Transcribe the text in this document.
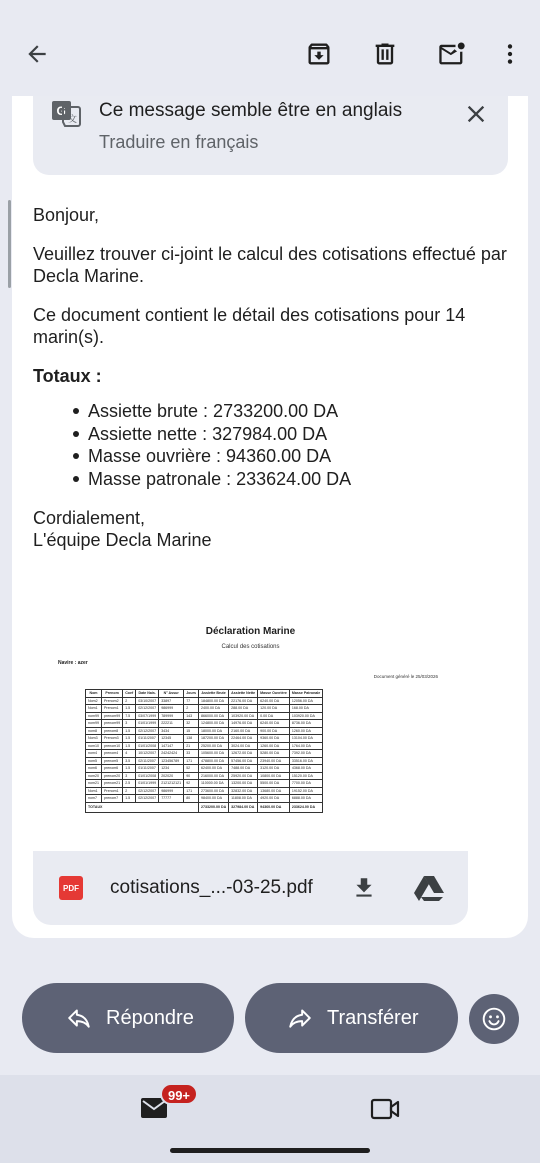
G
文 Ce message semble être en anglais
Traduire en français
Déclaration Marine
Calcul des cotisations
Navire : azer
Document généré le 25/03/2026
Nom	Prenom	Coef	Date Nais.	N° Assur	Jours	Assiette Brute	Assiette Nette	Masse Ouvrière	Masse Patronale
Nom2	Prenom2	2	03/10/2007	33897	77	184800.00 DA	22176.00 DA	6240.00 DA	12056.00 DA
Nom1	Prenom1	1.5	02/12/2007	986999	2	2400.00 DA	288.00 DA	120.00 DA	168.00 DA
nom99	prenom99	7.5	03/07/1999	789999	143	866000.00 DA	103920.00 DA	0.00 DA	103920.00 DA
nom99	prenom99	3	01/01/1999	222211	32	124800.00 DA	14976.00 DA	6240.00 DA	8736.00 DA
nom8	prenom8	1.5	02/12/2007	3434	15	18000.00 DA	2160.00 DA	900.00 DA	1260.00 DA
Nom3	Prenom3	1.5	01/11/2007	12345	138	187200.00 DA	22464.00 DA	9360.00 DA	13104.00 DA
nom10	prenom10	1.5	01/01/2008	147147	21	25200.00 DA	3024.00 DA	1260.00 DA	1764.00 DA
nom4	prenom4	4	10/12/2007	24242424	33	105600.00 DA	12672.00 DA	5280.00 DA	7392.00 DA
nom5	prenom5	3.5	02/11/2007	123456789	171	478800.00 DA	57456.00 DA	23940.00 DA	33516.00 DA
nom6	prenom6	1.5	01/11/2007	1234	52	62400.00 DA	7488.00 DA	3120.00 DA	4368.00 DA
nom20	prenom20	3	01/01/2008	202020	90	216000.00 DA	25920.00 DA	10800.00 DA	15120.00 DA
nom21	prenom21	2.5	01/01/1999	2121212121	92	110000.00 DA	13200.00 DA	5500.00 DA	7700.00 DA
Nom1	Prenom1	2	02/12/2007	986999	171	273600.00 DA	32832.00 DA	13680.00 DA	19152.00 DA
nom7	prenom7	1.5	02/12/2007	77777	80	98400.00 DA	11808.00 DA	4920.00 DA	6888.00 DA
TOTAUX						2733200.00 DA	327984.00 DA	94360.00 DA	233624.00 DA
PDF cotisations_...-03-25.pdf

Bonjour,

Veuillez trouver ci-joint le calcul des cotisations effectué par Decla Marine.

Ce document contient le détail des cotisations pour 14 marin(s).

Totaux :

Assiette brute : 2733200.00 DA
Assiette nette : 327984.00 DA
Masse ouvrière : 94360.00 DA
Masse patronale : 233624.00 DA

Cordialement,

L'équipe Decla Marine

Répondre	Transférer
99+
